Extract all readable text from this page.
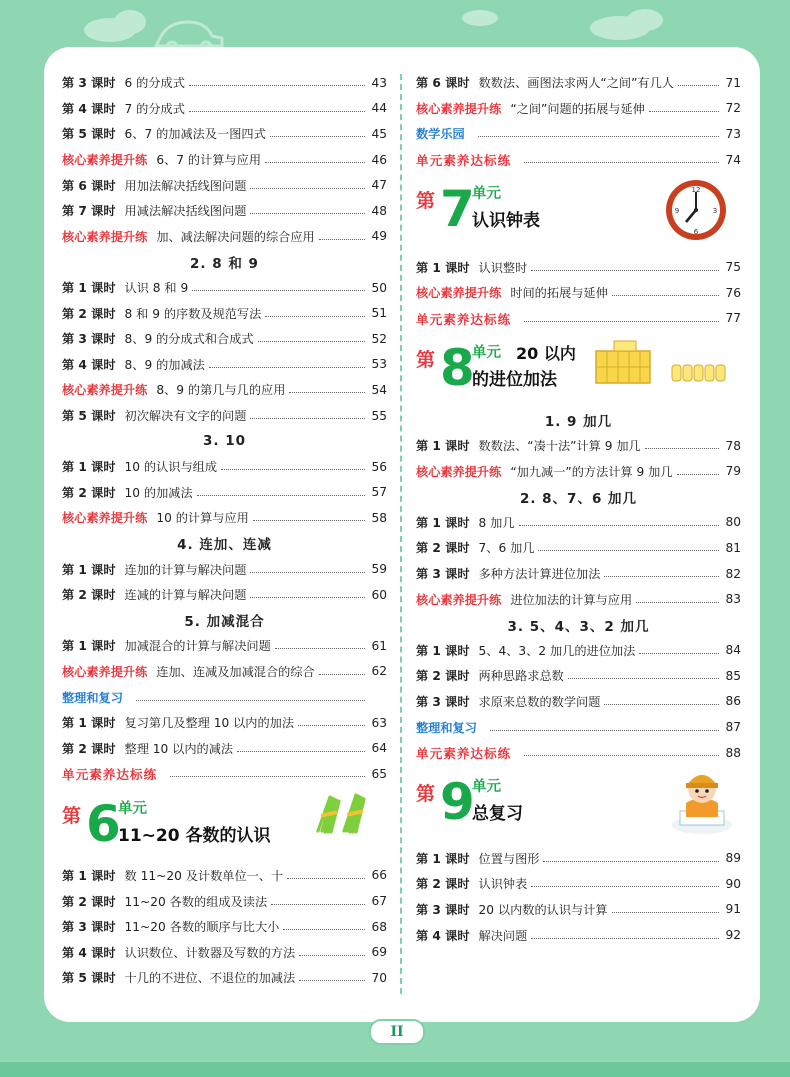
第 3 课时 6 的分成式	43
第 4 课时 7 的分成式	44
第 5 课时 6、7 的加减法及一图四式	45
核心素养提升练 6、7 的计算与应用	46
第 6 课时 用加法解决括线图问题	47
第 7 课时 用减法解决括线图问题	48
核心素养提升练 加、减法解决问题的综合应用	49
2. 8 和 9
第 1 课时 认识 8 和 9	50
第 2 课时 8 和 9 的序数及规范写法	51
第 3 课时 8、9 的分成式和合成式	52
第 4 课时 8、9 的加减法	53
核心素养提升练 8、9 的第几与几的应用	54
第 5 课时 初次解决有文字的问题	55
3. 10
第 1 课时 10 的认识与组成	56
第 2 课时 10 的加减法	57
核心素养提升练 10 的计算与应用	58
4. 连加、连减
第 1 课时 连加的计算与解决问题	59
第 2 课时 连减的计算与解决问题	60
5. 加减混合
第 1 课时 加减混合的计算与解决问题	61
核心素养提升练 连加、连减及加减混合的综合	62
整理和复习
第 1 课时 复习第几及整理 10 以内的加法	63
第 2 课时 整理 10 以内的减法	64
单元素养达标练	65
第 6
单元
11~20 各数的认识
第 1 课时 数 11~20 及计数单位一、十	66
第 2 课时 11~20 各数的组成及读法	67
第 3 课时 11~20 各数的顺序与比大小	68
第 4 课时 认识数位、计数器及写数的方法	69
第 5 课时 十几的不进位、不退位的加减法	70
第 6 课时 数数法、画图法求两人“之间”有几人	71
核心素养提升练 “之间”问题的拓展与延伸	72
数学乐园	73
单元素养达标练	74
第 7
单元
认识钟表
12
3
6
9
第 1 课时 认识整时	75
核心素养提升练 时间的拓展与延伸	76
单元素养达标练	77
第 8
单元 20 以内
的进位加法
1. 9 加几
第 1 课时 数数法、“凑十法”计算 9 加几	78
核心素养提升练 “加九减一”的方法计算 9 加几	79
2. 8、7、6 加几
第 1 课时 8 加几	80
第 2 课时 7、6 加几	81
第 3 课时 多种方法计算进位加法	82
核心素养提升练 进位加法的计算与应用	83
3. 5、4、3、2 加几
第 1 课时 5、4、3、2 加几的进位加法	84
第 2 课时 两种思路求总数	85
第 3 课时 求原来总数的数学问题	86
整理和复习	87
单元素养达标练	88
第 9
单元
总复习
第 1 课时 位置与图形	89
第 2 课时 认识钟表	90
第 3 课时 20 以内数的认识与计算	91
第 4 课时 解决问题	92
II
